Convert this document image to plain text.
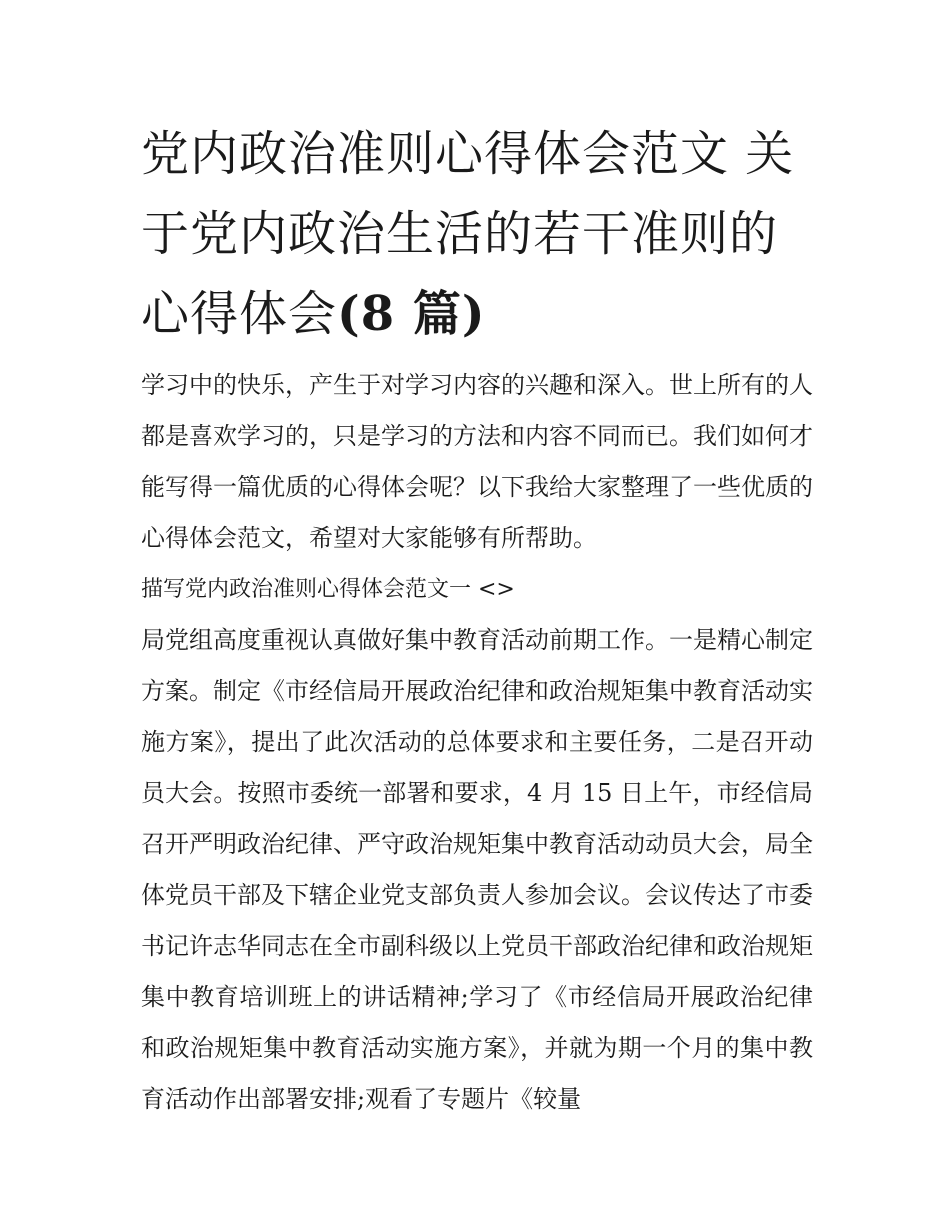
党内政治准则心得体会范文 关于党内政治生活的若干准则的心得体会(8 篇)

学习中的快乐，产生于对学习内容的兴趣和深入。世上所有的人都是喜欢学习的，只是学习的方法和内容不同而已。我们如何才能写得一篇优质的心得体会呢？以下我给大家整理了一些优质的心得体会范文，希望对大家能够有所帮助。

描写党内政治准则心得体会范文一 <>

局党组高度重视认真做好集中教育活动前期工作。一是精心制定方案。制定《市经信局开展政治纪律和政治规矩集中教育活动实施方案》，提出了此次活动的总体要求和主要任务，二是召开动员大会。按照市委统一部署和要求，4 月 15 日上午，市经信局召开严明政治纪律、严守政治规矩集中教育活动动员大会，局全体党员干部及下辖企业党支部负责人参加会议。会议传达了市委书记许志华同志在全市副科级以上党员干部政治纪律和政治规矩集中教育培训班上的讲话精神;学习了《市经信局开展政治纪律和政治规矩集中教育活动实施方案》，并就为期一个月的集中教育活动作出部署安排;观看了专题片《较量
